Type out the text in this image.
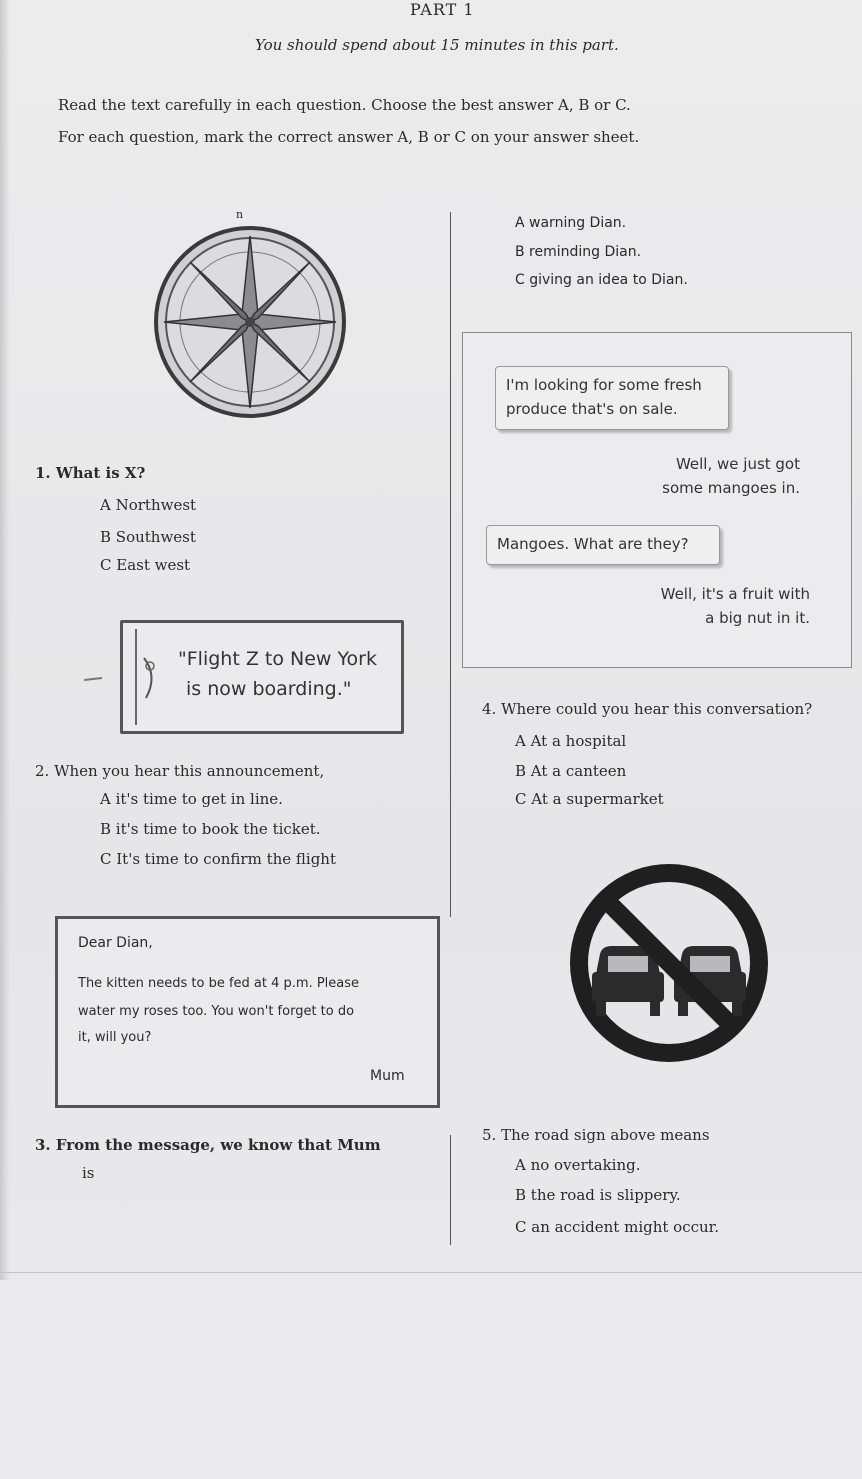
PART 1
You should spend about 15 minutes in this part.
Read the text carefully in each question. Choose the best answer A, B or C.
For each question, mark the correct answer A, B or C on your answer sheet.
n
1. What is X?
A Northwest
B Southwest
C East west
"Flight Z to New York
is now boarding."
2. When you hear this announcement,
A it's time to get in line.
B it's time to book the ticket.
C It's time to confirm the flight
Dear Dian,
The kitten needs to be fed at 4 p.m. Please
water my roses too. You won't forget to do
it, will you?
Mum
3. From the message, we know that Mum
is
A warning Dian.
B reminding Dian.
C giving an idea to Dian.
I'm looking for some fresh
produce that's on sale.
Well, we just got
some mangoes in.
Mangoes. What are they?
Well, it's a fruit with
a big nut in it.
4. Where could you hear this conversation?
A At a hospital
B At a canteen
C At a supermarket
5. The road sign above means
A no overtaking.
B the road is slippery.
C an accident might occur.
